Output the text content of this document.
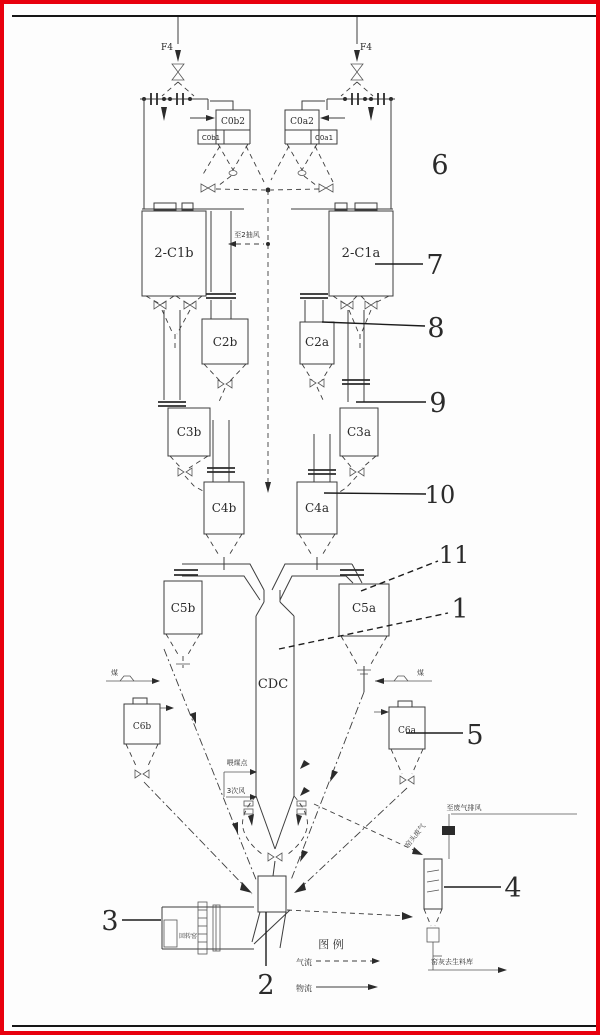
F4	F4
C0b2
C0b1
C0a2
C0a1
至2抽风
2-C1b	2-C1a
C2b	C2a
C3b	C3a
C4b	C4a
C5b	C5a
CDC
喂煤点
3次风
C6b
煤
C6a
煤
回转窑
至废气排风
窑头废气
窑灰去生料库
图 例
气流
物流
6
7
8
9
10
11
1
5
4
3
2
